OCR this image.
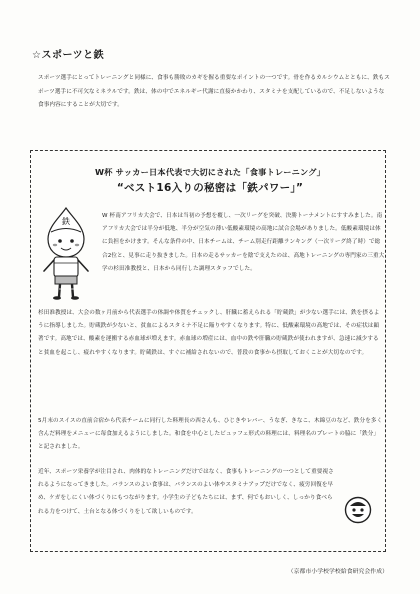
☆スポーツと鉄

スポーツ選手にとってトレーニングと同様に、食事も勝敗のカギを握る重要なポイントの一つです。骨を作るカルシウムとともに、鉄もスポーツ選手に不可欠なミネラルです。鉄は、体の中でエネルギー代謝に直接かかわり、スタミナを支配しているので、不足しないような食事内容にすることが大切です。

W杯 サッカー日本代表で大切にされた「食事トレーニング」
“ベスト16入りの秘密は「鉄パワー」”
鉄

W 杯南アフリカ大会で、日本は当初の予想を覆し、一次リーグを突破、決勝トーナメントにすすみました。南アフリカ大会では半分が低地、半分が空気の薄い低酸素環境の高地に試合会場がありました。低酸素環境は体に負担をかけます。そんな条件の中、日本チームは、チーム別走行距離ランキング（一次リーグ終了時）で総合2位と、見事に走り抜きました。日本の走るサッカーを陰で支えたのは、高地トレーニングの専門家の三重大学の杉田准教授と、日本から同行した調理スタッフでした。

杉田准教授は、大会の数ヶ月前から代表選手の体調や体質をチェックし、肝臓に蓄えられる「貯蔵鉄」が少ない選手には、鉄を摂るように指導しました。貯蔵鉄が少ないと、貧血によるスタミナ不足に陥りやすくなります。特に、低酸素環境の高地では、その症状は顕著です。高地では、酸素を運搬する赤血球が増えます。赤血球の増産には、血中の鉄や肝臓の貯蔵鉄が使われますが、急速に減少すると貧血を起こし、疲れやすくなります。貯蔵鉄は、すぐに補給されないので、普段の食事から摂取しておくことが大切なのです。

5月末のスイスの直前合宿から代表チームに同行した料理長の西さんも、ひじきやレバー、うなぎ、きなこ、木綿豆のなど、鉄分を多く含んだ料理をメニューに毎食加えるようにしました。和食を中心としたビュッフェ形式の料理には、料理名のプレートの脇に「鉄分」と記されました。

近年、スポーツ栄養学が注目され、肉体的なトレーニングだけではなく、食事もトレーニングの一つとして重要視されるようになってきました。バランスのよい食事は、バランスのよい体やスタミナアップだけでなく、疲労回復を早め、ケガをしにくい体づくりにもつながります。小学生の子どもたちには、まず、何でもおいしく、しっかり食べられる力をつけて、土台となる体づくりをして欲しいものです。

（京都市小学校学校給食研究会作成）
